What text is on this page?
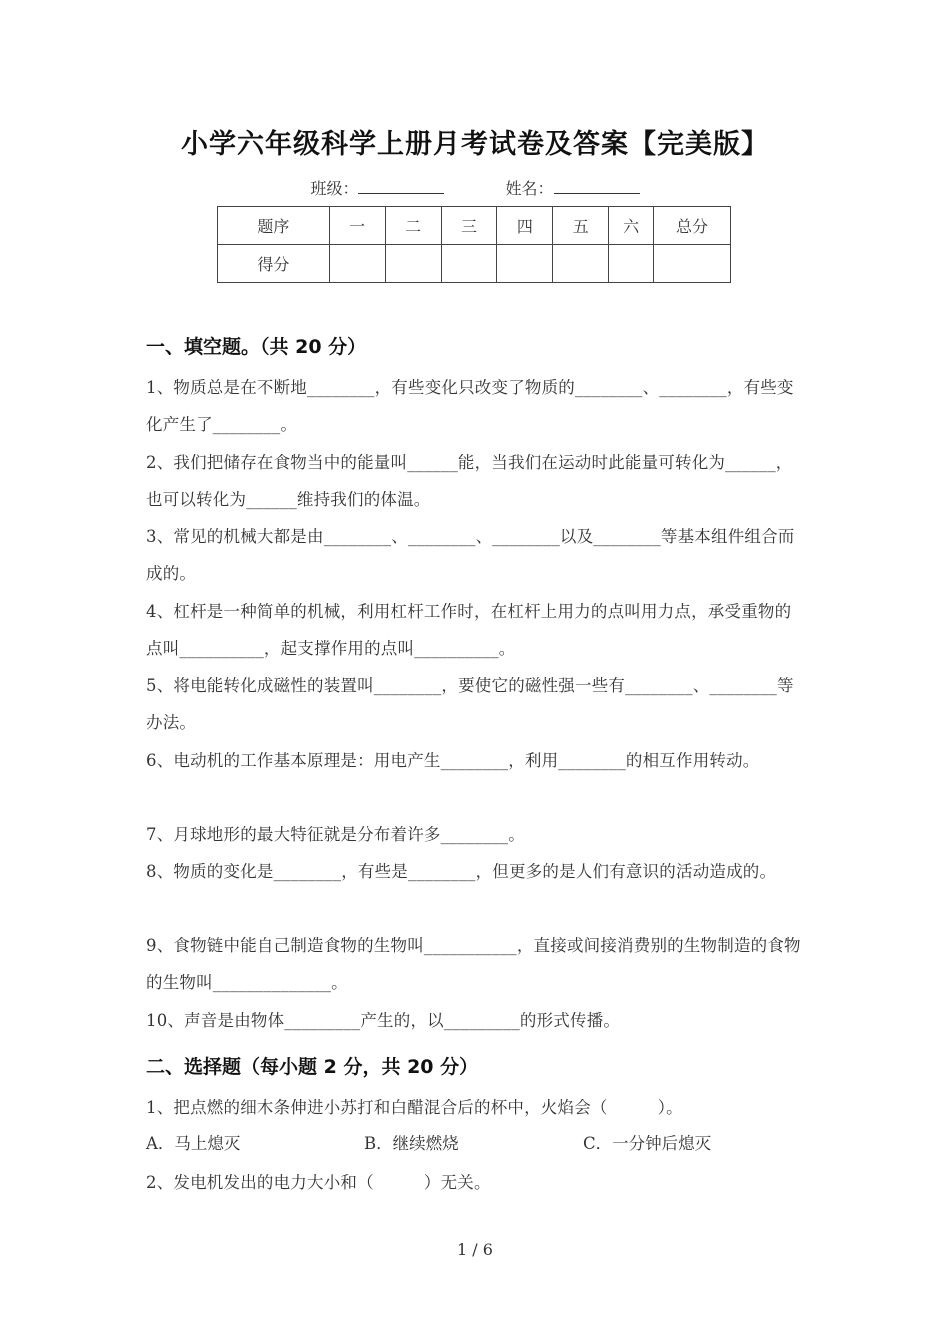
小学六年级科学上册月考试卷及答案【完美版】
班级：	姓名：
题序	一	二	三	四	五	六	总分
得分							
一、填空题。（共 20 分）
1、物质总是在不断地________，有些变化只改变了物质的________、________，有些变化产生了________。
2、我们把储存在食物当中的能量叫______能，当我们在运动时此能量可转化为______，也可以转化为______维持我们的体温。
3、常见的机械大都是由________、________、________以及________等基本组件组合而成的。
4、杠杆是一种简单的机械，利用杠杆工作时，在杠杆上用力的点叫用力点，承受重物的点叫__________，起支撑作用的点叫__________。
5、将电能转化成磁性的装置叫________，要使它的磁性强一些有________、________等办法。
6、电动机的工作基本原理是：用电产生________，利用________的相互作用转动。
7、月球地形的最大特征就是分布着许多________。
8、物质的变化是________，有些是________，但更多的是人们有意识的活动造成的。
9、食物链中能自己制造食物的生物叫___________，直接或间接消费别的生物制造的食物的生物叫______________。
10、声音是由物体_________产生的，以_________的形式传播。
二、选择题（每小题 2 分，共 20 分）
1、把点燃的细木条伸进小苏打和白醋混合后的杯中，火焰会（　　　）。
A．马上熄灭	B．继续燃烧	C．一分钟后熄灭
2、发电机发出的电力大小和（　　　）无关。
1 / 6
